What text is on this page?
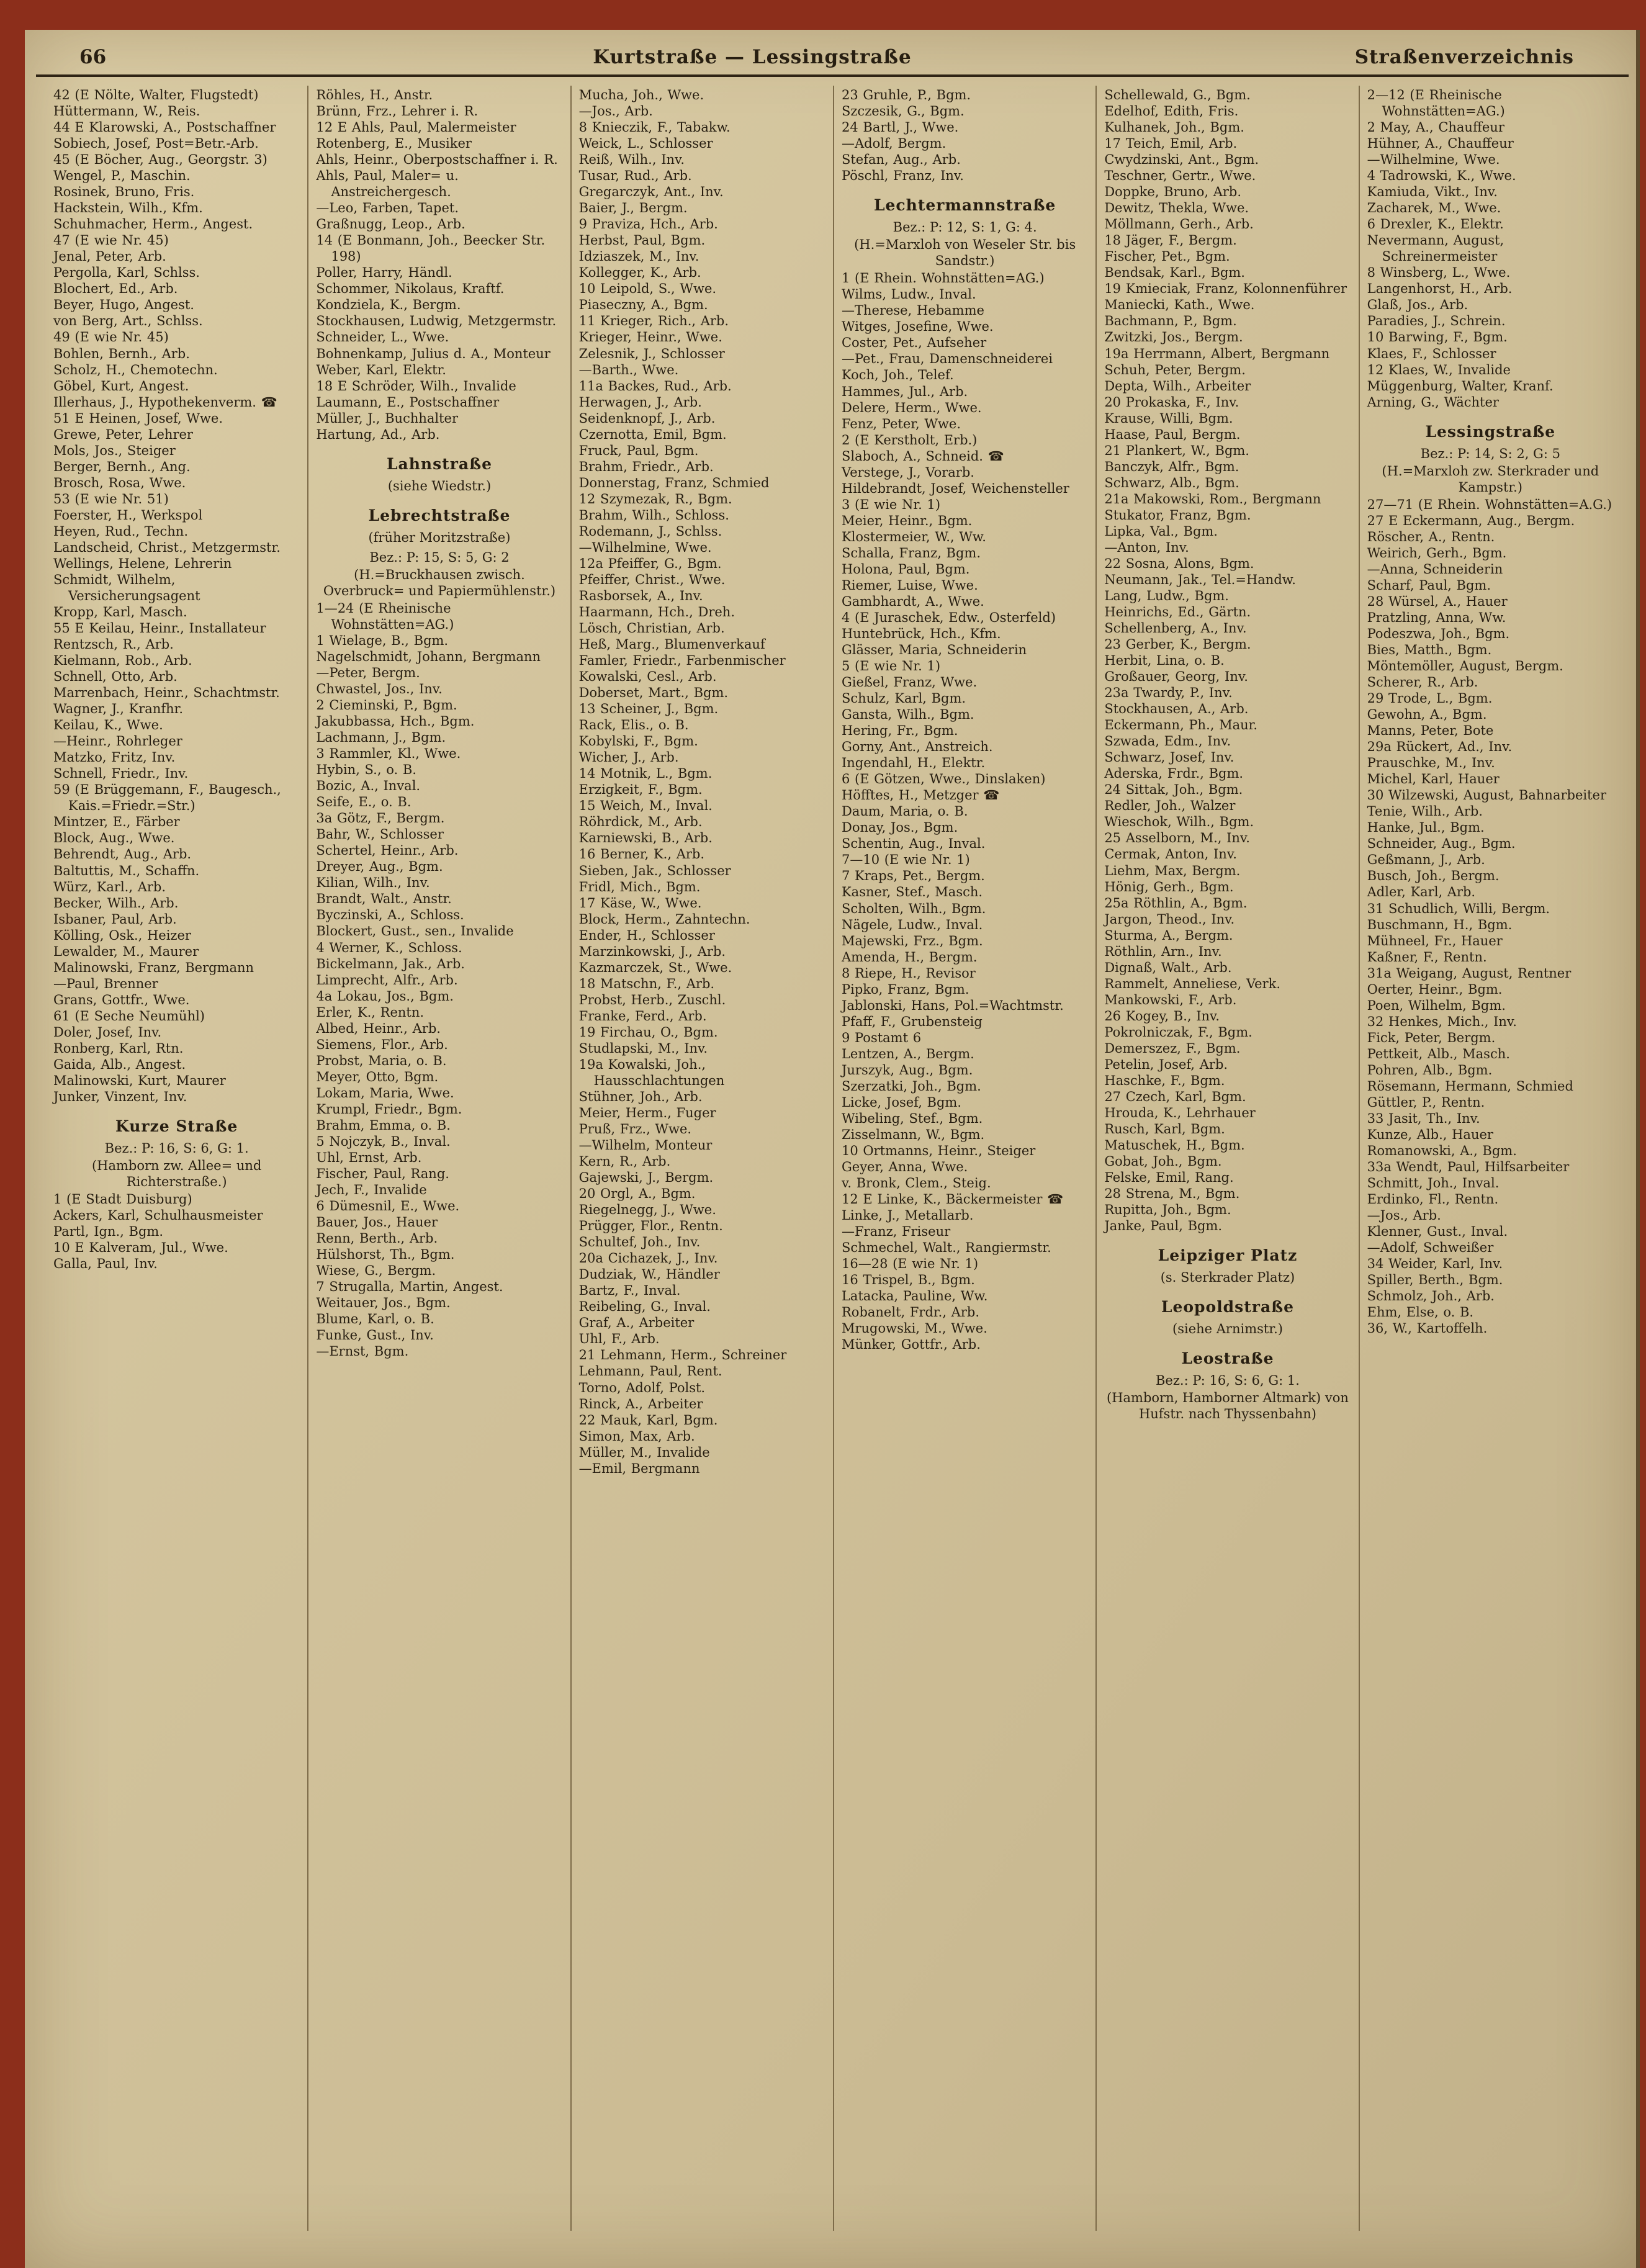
66	Kurtstraße — Lessingstraße	Straßenverzeichnis

42 (E Nölte, Walter, Flugstedt)

Hüttermann, W., Reis.

44 E Klarowski, A., Postschaffner

Sobiech, Josef, Post=Betr.-Arb.

45 (E Böcher, Aug., Georgstr. 3)

Wengel, P., Maschin.

Rosinek, Bruno, Fris.

Hackstein, Wilh., Kfm.

Schuhmacher, Herm., Angest.

47 (E wie Nr. 45)

Jenal, Peter, Arb.

Pergolla, Karl, Schlss.

Blochert, Ed., Arb.

Beyer, Hugo, Angest.

von Berg, Art., Schlss.

49 (E wie Nr. 45)

Bohlen, Bernh., Arb.

Scholz, H., Chemotechn.

Göbel, Kurt, Angest.

Illerhaus, J., Hypothekenverm. ☎

51 E Heinen, Josef, Wwe.

Grewe, Peter, Lehrer

Mols, Jos., Steiger

Berger, Bernh., Ang.

Brosch, Rosa, Wwe.

53 (E wie Nr. 51)

Foerster, H., Werkspol

Heyen, Rud., Techn.

Landscheid, Christ., Metzgermstr.

Wellings, Helene, Lehrerin

Schmidt, Wilhelm, Versicherungsagent

Kropp, Karl, Masch.

55 E Keilau, Heinr., Installateur

Rentzsch, R., Arb.

Kielmann, Rob., Arb.

Schnell, Otto, Arb.

Marrenbach, Heinr., Schachtmstr.

Wagner, J., Kranfhr.

Keilau, K., Wwe.

—Heinr., Rohrleger

Matzko, Fritz, Inv.

Schnell, Friedr., Inv.

59 (E Brüggemann, F., Baugesch., Kais.=Friedr.=Str.)

Mintzer, E., Färber

Block, Aug., Wwe.

Behrendt, Aug., Arb.

Baltuttis, M., Schaffn.

Würz, Karl., Arb.

Becker, Wilh., Arb.

Isbaner, Paul, Arb.

Kölling, Osk., Heizer

Lewalder, M., Maurer

Malinowski, Franz, Bergmann

—Paul, Brenner

Grans, Gottfr., Wwe.

61 (E Seche Neumühl)

Doler, Josef, Inv.

Ronberg, Karl, Rtn.

Gaida, Alb., Angest.

Malinowski, Kurt, Maurer

Junker, Vinzent, Inv.

Kurze Straße

Bez.: P: 16, S: 6, G: 1.

(Hamborn zw. Allee= und Richterstraße.)

1 (E Stadt Duisburg)

Ackers, Karl, Schulhausmeister

Partl, Ign., Bgm.

10 E Kalveram, Jul., Wwe.

Galla, Paul, Inv.

Röhles, H., Anstr.

Brünn, Frz., Lehrer i. R.

12 E Ahls, Paul, Malermeister

Rotenberg, E., Musiker

Ahls, Heinr., Oberpostschaffner i. R.

Ahls, Paul, Maler= u. Anstreichergesch.

—Leo, Farben, Tapet.

Graßnugg, Leop., Arb.

14 (E Bonmann, Joh., Beecker Str. 198)

Poller, Harry, Händl.

Schommer, Nikolaus, Kraftf.

Kondziela, K., Bergm.

Stockhausen, Ludwig, Metzgermstr.

Schneider, L., Wwe.

Bohnenkamp, Julius d. A., Monteur

Weber, Karl, Elektr.

18 E Schröder, Wilh., Invalide

Laumann, E., Postschaffner

Müller, J., Buchhalter

Hartung, Ad., Arb.

Lahnstraße

(siehe Wiedstr.)

Lebrechtstraße

(früher Moritzstraße)

Bez.: P: 15, S: 5, G: 2

(H.=Bruckhausen zwisch. Overbruck= und Papiermühlenstr.)

1—24 (E Rheinische Wohnstätten=AG.)

1 Wielage, B., Bgm.

Nagelschmidt, Johann, Bergmann

—Peter, Bergm.

Chwastel, Jos., Inv.

2 Cieminski, P., Bgm.

Jakubbassa, Hch., Bgm.

Lachmann, J., Bgm.

3 Rammler, Kl., Wwe.

Hybin, S., o. B.

Bozic, A., Inval.

Seife, E., o. B.

3a Götz, F., Bergm.

Bahr, W., Schlosser

Schertel, Heinr., Arb.

Dreyer, Aug., Bgm.

Kilian, Wilh., Inv.

Brandt, Walt., Anstr.

Byczinski, A., Schloss.

Blockert, Gust., sen., Invalide

4 Werner, K., Schloss.

Bickelmann, Jak., Arb.

Limprecht, Alfr., Arb.

4a Lokau, Jos., Bgm.

Erler, K., Rentn.

Albed, Heinr., Arb.

Siemens, Flor., Arb.

Probst, Maria, o. B.

Meyer, Otto, Bgm.

Lokam, Maria, Wwe.

Krumpl, Friedr., Bgm.

Brahm, Emma, o. B.

5 Nojczyk, B., Inval.

Uhl, Ernst, Arb.

Fischer, Paul, Rang.

Jech, F., Invalide

6 Dümesnil, E., Wwe.

Bauer, Jos., Hauer

Renn, Berth., Arb.

Hülshorst, Th., Bgm.

Wiese, G., Bergm.

7 Strugalla, Martin, Angest.

Weitauer, Jos., Bgm.

Blume, Karl, o. B.

Funke, Gust., Inv.

—Ernst, Bgm.

Mucha, Joh., Wwe.

—Jos., Arb.

8 Knieczik, F., Tabakw.

Weick, L., Schlosser

Reiß, Wilh., Inv.

Tusar, Rud., Arb.

Gregarczyk, Ant., Inv.

Baier, J., Bergm.

9 Praviza, Hch., Arb.

Herbst, Paul, Bgm.

Idziaszek, M., Inv.

Kollegger, K., Arb.

10 Leipold, S., Wwe.

Piaseczny, A., Bgm.

11 Krieger, Rich., Arb.

Krieger, Heinr., Wwe.

Zelesnik, J., Schlosser

—Barth., Wwe.

11a Backes, Rud., Arb.

Herwagen, J., Arb.

Seidenknopf, J., Arb.

Czernotta, Emil, Bgm.

Fruck, Paul, Bgm.

Brahm, Friedr., Arb.

Donnerstag, Franz, Schmied

12 Szymezak, R., Bgm.

Brahm, Wilh., Schloss.

Rodemann, J., Schlss.

—Wilhelmine, Wwe.

12a Pfeiffer, G., Bgm.

Pfeiffer, Christ., Wwe.

Rasborsek, A., Inv.

Haarmann, Hch., Dreh.

Lösch, Christian, Arb.

Heß, Marg., Blumenverkauf

Famler, Friedr., Farbenmischer

Kowalski, Cesl., Arb.

Doberset, Mart., Bgm.

13 Scheiner, J., Bgm.

Rack, Elis., o. B.

Kobylski, F., Bgm.

Wicher, J., Arb.

14 Motnik, L., Bgm.

Erzigkeit, F., Bgm.

15 Weich, M., Inval.

Röhrdick, M., Arb.

Karniewski, B., Arb.

16 Berner, K., Arb.

Sieben, Jak., Schlosser

Fridl, Mich., Bgm.

17 Käse, W., Wwe.

Block, Herm., Zahntechn.

Ender, H., Schlosser

Marzinkowski, J., Arb.

Kazmarczek, St., Wwe.

18 Matschn, F., Arb.

Probst, Herb., Zuschl.

Franke, Ferd., Arb.

19 Firchau, O., Bgm.

Studlapski, M., Inv.

19a Kowalski, Joh., Hausschlachtungen

Stühner, Joh., Arb.

Meier, Herm., Fuger

Pruß, Frz., Wwe.

—Wilhelm, Monteur

Kern, R., Arb.

Gajewski, J., Bergm.

20 Orgl, A., Bgm.

Riegelnegg, J., Wwe.

Prügger, Flor., Rentn.

Schultef, Joh., Inv.

20a Cichazek, J., Inv.

Dudziak, W., Händler

Bartz, F., Inval.

Reibeling, G., Inval.

Graf, A., Arbeiter

Uhl, F., Arb.

21 Lehmann, Herm., Schreiner

Lehmann, Paul, Rent.

Torno, Adolf, Polst.

Rinck, A., Arbeiter

22 Mauk, Karl, Bgm.

Simon, Max, Arb.

Müller, M., Invalide

—Emil, Bergmann

23 Gruhle, P., Bgm.

Szczesik, G., Bgm.

24 Bartl, J., Wwe.

—Adolf, Bergm.

Stefan, Aug., Arb.

Pöschl, Franz, Inv.

Lechtermannstraße

Bez.: P: 12, S: 1, G: 4.

(H.=Marxloh von Weseler Str. bis Sandstr.)

1 (E Rhein. Wohnstätten=AG.)

Wilms, Ludw., Inval.

—Therese, Hebamme

Witges, Josefine, Wwe.

Coster, Pet., Aufseher

—Pet., Frau, Damenschneiderei

Koch, Joh., Telef.

Hammes, Jul., Arb.

Delere, Herm., Wwe.

Fenz, Peter, Wwe.

2 (E Kerstholt, Erb.)

Slaboch, A., Schneid. ☎

Verstege, J., Vorarb.

Hildebrandt, Josef, Weichensteller

3 (E wie Nr. 1)

Meier, Heinr., Bgm.

Klostermeier, W., Ww.

Schalla, Franz, Bgm.

Holona, Paul, Bgm.

Riemer, Luise, Wwe.

Gambhardt, A., Wwe.

4 (E Juraschek, Edw., Osterfeld)

Huntebrück, Hch., Kfm.

Glässer, Maria, Schneiderin

5 (E wie Nr. 1)

Gießel, Franz, Wwe.

Schulz, Karl, Bgm.

Gansta, Wilh., Bgm.

Hering, Fr., Bgm.

Gorny, Ant., Anstreich.

Ingendahl, H., Elektr.

6 (E Götzen, Wwe., Dinslaken)

Höfftes, H., Metzger ☎

Daum, Maria, o. B.

Donay, Jos., Bgm.

Schentin, Aug., Inval.

7—10 (E wie Nr. 1)

7 Kraps, Pet., Bergm.

Kasner, Stef., Masch.

Scholten, Wilh., Bgm.

Nägele, Ludw., Inval.

Majewski, Frz., Bgm.

Amenda, H., Bergm.

8 Riepe, H., Revisor

Pipko, Franz, Bgm.

Jablonski, Hans, Pol.=Wachtmstr.

Pfaff, F., Grubensteig

9 Postamt 6

Lentzen, A., Bergm.

Jurszyk, Aug., Bgm.

Szerzatki, Joh., Bgm.

Licke, Josef, Bgm.

Wibeling, Stef., Bgm.

Zisselmann, W., Bgm.

10 Ortmanns, Heinr., Steiger

Geyer, Anna, Wwe.

v. Bronk, Clem., Steig.

12 E Linke, K., Bäckermeister ☎

Linke, J., Metallarb.

—Franz, Friseur

Schmechel, Walt., Rangiermstr.

16—28 (E wie Nr. 1)

16 Trispel, B., Bgm.

Latacka, Pauline, Ww.

Robanelt, Frdr., Arb.

Mrugowski, M., Wwe.

Münker, Gottfr., Arb.

Schellewald, G., Bgm.

Edelhof, Edith, Fris.

Kulhanek, Joh., Bgm.

17 Teich, Emil, Arb.

Cwydzinski, Ant., Bgm.

Teschner, Gertr., Wwe.

Doppke, Bruno, Arb.

Dewitz, Thekla, Wwe.

Möllmann, Gerh., Arb.

18 Jäger, F., Bergm.

Fischer, Pet., Bgm.

Bendsak, Karl., Bgm.

19 Kmieciak, Franz, Kolonnenführer

Maniecki, Kath., Wwe.

Bachmann, P., Bgm.

Zwitzki, Jos., Bergm.

19a Herrmann, Albert, Bergmann

Schuh, Peter, Bergm.

Depta, Wilh., Arbeiter

20 Prokaska, F., Inv.

Krause, Willi, Bgm.

Haase, Paul, Bergm.

21 Plankert, W., Bgm.

Banczyk, Alfr., Bgm.

Schwarz, Alb., Bgm.

21a Makowski, Rom., Bergmann

Stukator, Franz, Bgm.

Lipka, Val., Bgm.

—Anton, Inv.

22 Sosna, Alons, Bgm.

Neumann, Jak., Tel.=Handw.

Lang, Ludw., Bgm.

Heinrichs, Ed., Gärtn.

Schellenberg, A., Inv.

23 Gerber, K., Bergm.

Herbit, Lina, o. B.

Großauer, Georg, Inv.

23a Twardy, P., Inv.

Stockhausen, A., Arb.

Eckermann, Ph., Maur.

Szwada, Edm., Inv.

Schwarz, Josef, Inv.

Aderska, Frdr., Bgm.

24 Sittak, Joh., Bgm.

Redler, Joh., Walzer

Wieschok, Wilh., Bgm.

25 Asselborn, M., Inv.

Cermak, Anton, Inv.

Liehm, Max, Bergm.

Hönig, Gerh., Bgm.

25a Röthlin, A., Bgm.

Jargon, Theod., Inv.

Sturma, A., Bergm.

Röthlin, Arn., Inv.

Dignaß, Walt., Arb.

Rammelt, Anneliese, Verk.

Mankowski, F., Arb.

26 Kogey, B., Inv.

Pokrolniczak, F., Bgm.

Demerszez, F., Bgm.

Petelin, Josef, Arb.

Haschke, F., Bgm.

27 Czech, Karl, Bgm.

Hrouda, K., Lehrhauer

Rusch, Karl, Bgm.

Matuschek, H., Bgm.

Gobat, Joh., Bgm.

Felske, Emil, Rang.

28 Strena, M., Bgm.

Rupitta, Joh., Bgm.

Janke, Paul, Bgm.

Leipziger Platz

(s. Sterkrader Platz)

Leopoldstraße

(siehe Arnimstr.)

Leostraße

Bez.: P: 16, S: 6, G: 1.

(Hamborn, Hamborner Altmark) von Hufstr. nach Thyssenbahn)

2—12 (E Rheinische Wohnstätten=AG.)

2 May, A., Chauffeur

Hühner, A., Chauffeur

—Wilhelmine, Wwe.

4 Tadrowski, K., Wwe.

Kamiuda, Vikt., Inv.

Zacharek, M., Wwe.

6 Drexler, K., Elektr.

Nevermann, August, Schreinermeister

8 Winsberg, L., Wwe.

Langenhorst, H., Arb.

Glaß, Jos., Arb.

Paradies, J., Schrein.

10 Barwing, F., Bgm.

Klaes, F., Schlosser

12 Klaes, W., Invalide

Müggenburg, Walter, Kranf.

Arning, G., Wächter

Lessingstraße

Bez.: P: 14, S: 2, G: 5

(H.=Marxloh zw. Sterkrader und Kampstr.)

27—71 (E Rhein. Wohnstätten=A.G.)

27 E Eckermann, Aug., Bergm.

Röscher, A., Rentn.

Weirich, Gerh., Bgm.

—Anna, Schneiderin

Scharf, Paul, Bgm.

28 Würsel, A., Hauer

Pratzling, Anna, Ww.

Podeszwa, Joh., Bgm.

Bies, Matth., Bgm.

Möntemöller, August, Bergm.

Scherer, R., Arb.

29 Trode, L., Bgm.

Gewohn, A., Bgm.

Manns, Peter, Bote

29a Rückert, Ad., Inv.

Prauschke, M., Inv.

Michel, Karl, Hauer

30 Wilzewski, August, Bahnarbeiter

Tenie, Wilh., Arb.

Hanke, Jul., Bgm.

Schneider, Aug., Bgm.

Geßmann, J., Arb.

Busch, Joh., Bergm.

Adler, Karl, Arb.

31 Schudlich, Willi, Bergm.

Buschmann, H., Bgm.

Mühneel, Fr., Hauer

Kaßner, F., Rentn.

31a Weigang, August, Rentner

Oerter, Heinr., Bgm.

Poen, Wilhelm, Bgm.

32 Henkes, Mich., Inv.

Fick, Peter, Bergm.

Pettkeit, Alb., Masch.

Pohren, Alb., Bgm.

Rösemann, Hermann, Schmied

Güttler, P., Rentn.

33 Jasit, Th., Inv.

Kunze, Alb., Hauer

Romanowski, A., Bgm.

33a Wendt, Paul, Hilfsarbeiter

Schmitt, Joh., Inval.

Erdinko, Fl., Rentn.

—Jos., Arb.

Klenner, Gust., Inval.

—Adolf, Schweißer

34 Weider, Karl, Inv.

Spiller, Berth., Bgm.

Schmolz, Joh., Arb.

Ehm, Else, o. B.

36, W., Kartoffelh.
